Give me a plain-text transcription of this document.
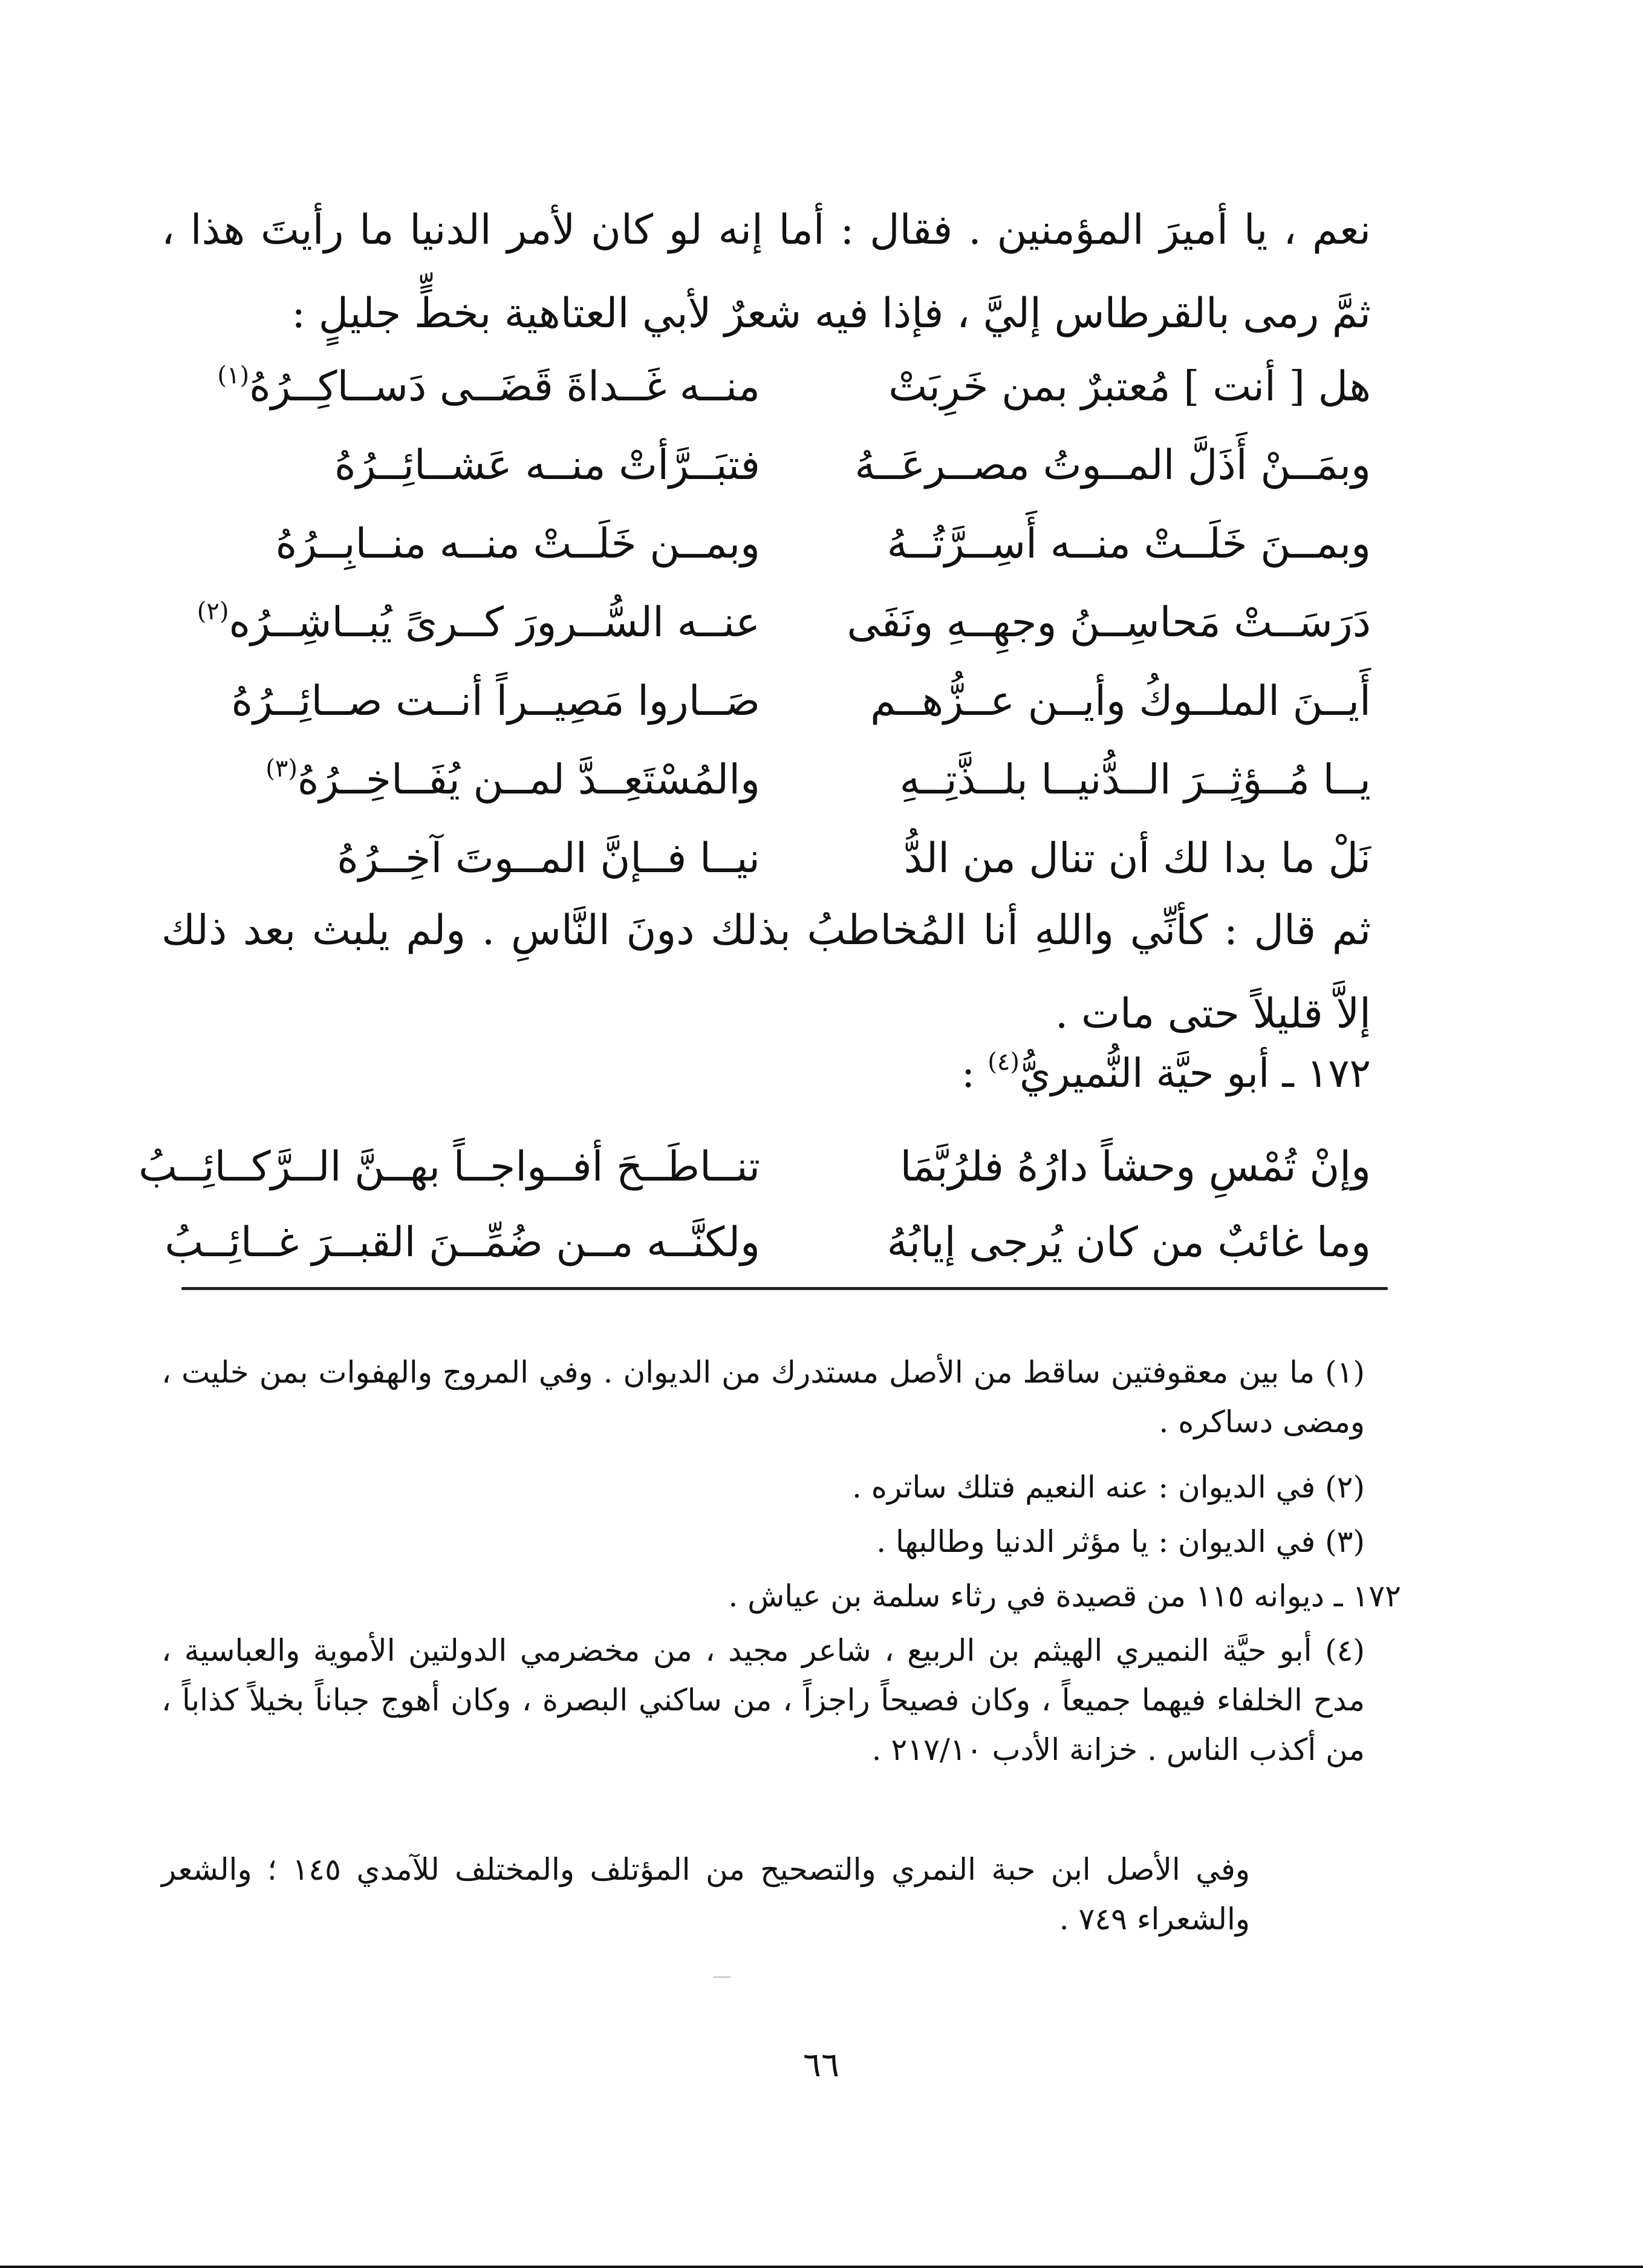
نعم ، يا أميرَ المؤمنين . فقال : أما إنه لو كان لأمر الدنيا ما رأيتَ هذا ، ثمَّ رمى بالقرطاس إليَّ ، فإذا فيه شعرٌ لأبي العتاهية بخطٍّ جليلٍ :
هل [ أنت ] مُعتبرٌ بمن خَرِبَتْ
منــه غَــداةَ قَضَــى دَســاكِــرُهُ$^{(١)}$
وبمَــنْ أَذَلَّ المــوتُ مصــرعَــهُ
فتبَــرَّأتْ منــه عَشــائِــرُهُ
وبمــنَ خَلَــتْ منــه أَسِــرَّتُــهُ
وبمــن خَلَــتْ منــه منــابِــرُهُ
دَرَسَــتْ مَحاسِــنُ وجهِــهِ ونَفَى
عنــه السُّــرورَ كــرىً يُبــاشِــرُه$^{(٢)}$
أَيــنَ الملــوكُ وأيــن عــزُّهــم
صَــاروا مَصِيــراً أنــت صــائِــرُهُ
يــا مُــؤثِــرَ الــدُّنيــا بلــذَّتِــهِ
والمُسْتَعِــدَّ لمــن يُفَــاخِــرُهُ$^{(٣)}$
نَلْ ما بدا لك أن تنال من الدُّ
نيــا فــإنَّ المــوتَ آخِــرُهُ
ثم قال : كأنِّي واللهِ أنا المُخاطبُ بذلك دونَ النَّاسِ . ولم يلبث بعد ذلك إلاَّ قليلاً حتى مات .
١٧٢ ـ أبو حيَّة النُّميريُّ$^{(٤)}$ :
وإنْ تُمْسِ وحشاً دارُهُ فلرُبَّمَا
تنــاطَــحَ أفــواجــاً بهــنَّ الــرَّكــائِــبُ
وما غائبٌ من كان يُرجى إيابُهُ
ولكنَّــه مــن ضُمِّــنَ القبــرَ غــائِــبُ
(١) ما بين معقوفتين ساقط من الأصل مستدرك من الديوان . وفي المروج والهفوات بمن خليت ، ومضى دساكره .
(٢) في الديوان : عنه النعيم فتلك ساتره .
(٣) في الديوان : يا مؤثر الدنيا وطالبها .
١٧٢ ـ ديوانه ١١٥ من قصيدة في رثاء سلمة بن عياش .
(٤) أبو حيَّة النميري الهيثم بن الربيع ، شاعر مجيد ، من مخضرمي الدولتين الأموية والعباسية ، مدح الخلفاء فيهما جميعاً ، وكان فصيحاً راجزاً ، من ساكني البصرة ، وكان أهوج جباناً بخيلاً كذاباً ، من أكذب الناس . خزانة الأدب ٢١٧/١٠ .
وفي الأصل ابن حبة النمري والتصحيح من المؤتلف والمختلف للآمدي ١٤٥ ؛ والشعر والشعراء ٧٤٩ .
٦٦
